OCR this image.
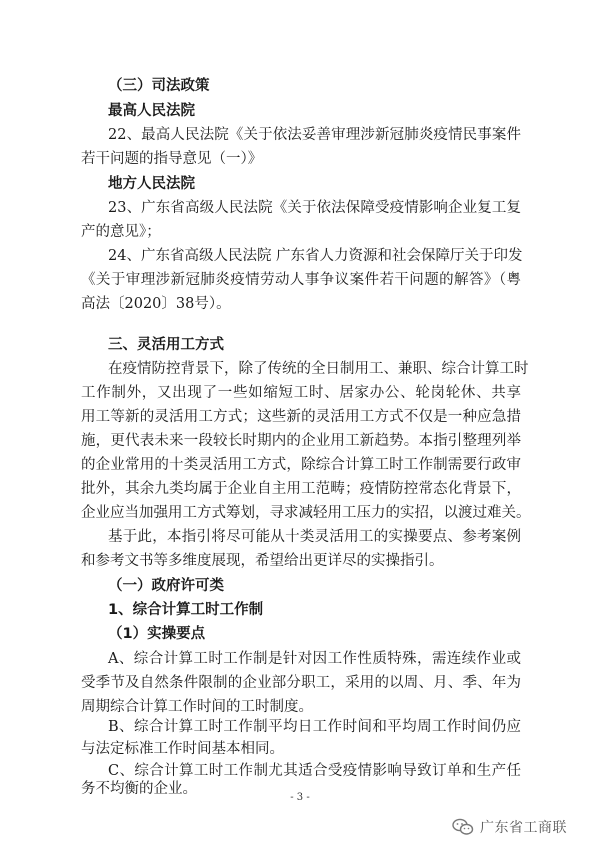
（三）司法政策
最高人民法院
22、最高人民法院《关于依法妥善审理涉新冠肺炎疫情民事案件
若干问题的指导意见（一）》
地方人民法院
23、广东省高级人民法院《关于依法保障受疫情影响企业复工复
产的意见》；
24、广东省高级人民法院 广东省人力资源和社会保障厅关于印发
《关于审理涉新冠肺炎疫情劳动人事争议案件若干问题的解答》（粤
高法〔2020〕38号）。
三、灵活用工方式
在疫情防控背景下，除了传统的全日制用工、兼职、综合计算工时
工作制外，又出现了一些如缩短工时、居家办公、轮岗轮休、共享
用工等新的灵活用工方式；这些新的灵活用工方式不仅是一种应急措
施，更代表未来一段较长时期内的企业用工新趋势。本指引整理列举
的企业常用的十类灵活用工方式，除综合计算工时工作制需要行政审
批外，其余九类均属于企业自主用工范畴；疫情防控常态化背景下，
企业应当加强用工方式筹划，寻求减轻用工压力的实招，以渡过难关。
基于此，本指引将尽可能从十类灵活用工的实操要点、参考案例
和参考文书等多维度展现，希望给出更详尽的实操指引。
（一）政府许可类
1、综合计算工时工作制
（1）实操要点
A、综合计算工时工作制是针对因工作性质特殊，需连续作业或
受季节及自然条件限制的企业部分职工，采用的以周、月、季、年为
周期综合计算工作时间的工时制度。
B、综合计算工时工作制平均日工作时间和平均周工作时间仍应
与法定标准工作时间基本相同。
C、综合计算工时工作制尤其适合受疫情影响导致订单和生产任
- 3 -
广东省工商联
务不均衡的企业。
